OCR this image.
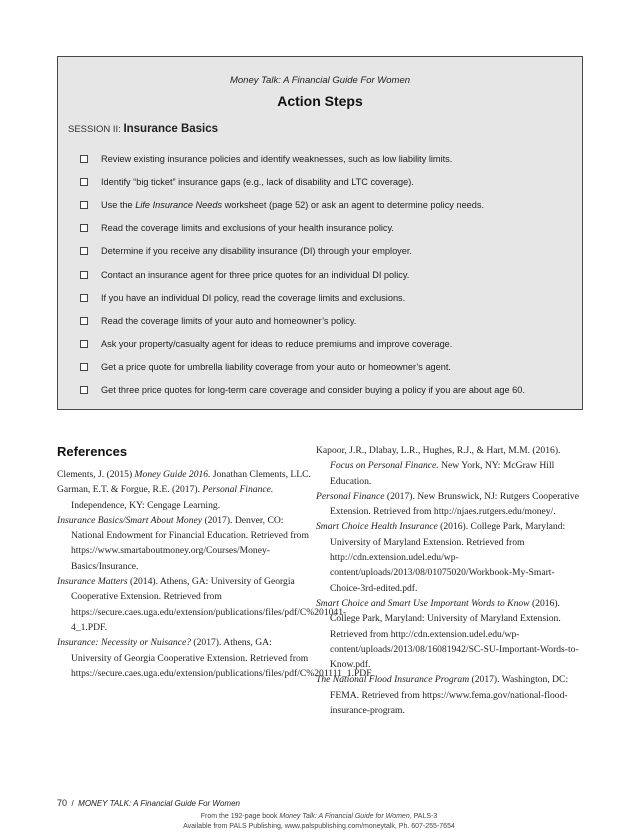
Money Talk: A Financial Guide For Women
Action Steps
SESSION II: Insurance Basics
Review existing insurance policies and identify weaknesses, such as low liability limits.
Identify “big ticket” insurance gaps (e.g., lack of disability and LTC coverage).
Use the Life Insurance Needs worksheet (page 52) or ask an agent to determine policy needs.
Read the coverage limits and exclusions of your health insurance policy.
Determine if you receive any disability insurance (DI) through your employer.
Contact an insurance agent for three price quotes for an individual DI policy.
If you have an individual DI policy, read the coverage limits and exclusions.
Read the coverage limits of your auto and homeowner’s policy.
Ask your property/casualty agent for ideas to reduce premiums and improve coverage.
Get a price quote for umbrella liability coverage from your auto or homeowner’s agent.
Get three price quotes for long-term care coverage and consider buying a policy if you are about age 60.
References

Clements, J. (2015) Money Guide 2016. Jonathan Clements, LLC.

Garman, E.T. & Forgue, R.E. (2017). Personal Finance. Independence, KY: Cengage Learning.

Insurance Basics/Smart About Money (2017). Denver, CO: National Endowment for Financial Education. Retrieved from https://www.smartaboutmoney.org/Courses/Money-Basics/Insurance.

Insurance Matters (2014). Athens, GA: University of Georgia Cooperative Extension. Retrieved from https://secure.caes.uga.edu/extension/publications/files/pdf/C%201041-4_1.PDF.

Insurance: Necessity or Nuisance? (2017). Athens, GA: University of Georgia Cooperative Extension. Retrieved from https://secure.caes.uga.edu/extension/publications/files/pdf/C%201111_1.PDF.

Kapoor, J.R., Dlabay, L.R., Hughes, R.J., & Hart, M.M. (2016). Focus on Personal Finance. New York, NY: McGraw Hill Education.

Personal Finance (2017). New Brunswick, NJ: Rutgers Cooperative Extension. Retrieved from http://njaes.rutgers.edu/money/.

Smart Choice Health Insurance (2016). College Park, Maryland: University of Maryland Extension. Retrieved from http://cdn.extension.udel.edu/wp-content/uploads/2013/08/01075020/Workbook-My-Smart-Choice-3rd-edited.pdf.

Smart Choice and Smart Use Important Words to Know (2016). College Park, Maryland: University of Maryland Extension. Retrieved from http://cdn.extension.udel.edu/wp-content/uploads/2013/08/16081942/SC-SU-Important-Words-to-Know.pdf.

The National Flood Insurance Program (2017). Washington, DC: FEMA. Retrieved from https://www.fema.gov/national-flood-insurance-program.

70 / MONEY TALK: A Financial Guide For Women
From the 192-page book Money Talk: A Financial Guide for Women, PALS-3
Available from PALS Publishing, www.palspublishing.com/moneytalk, Ph. 607-255-7654
